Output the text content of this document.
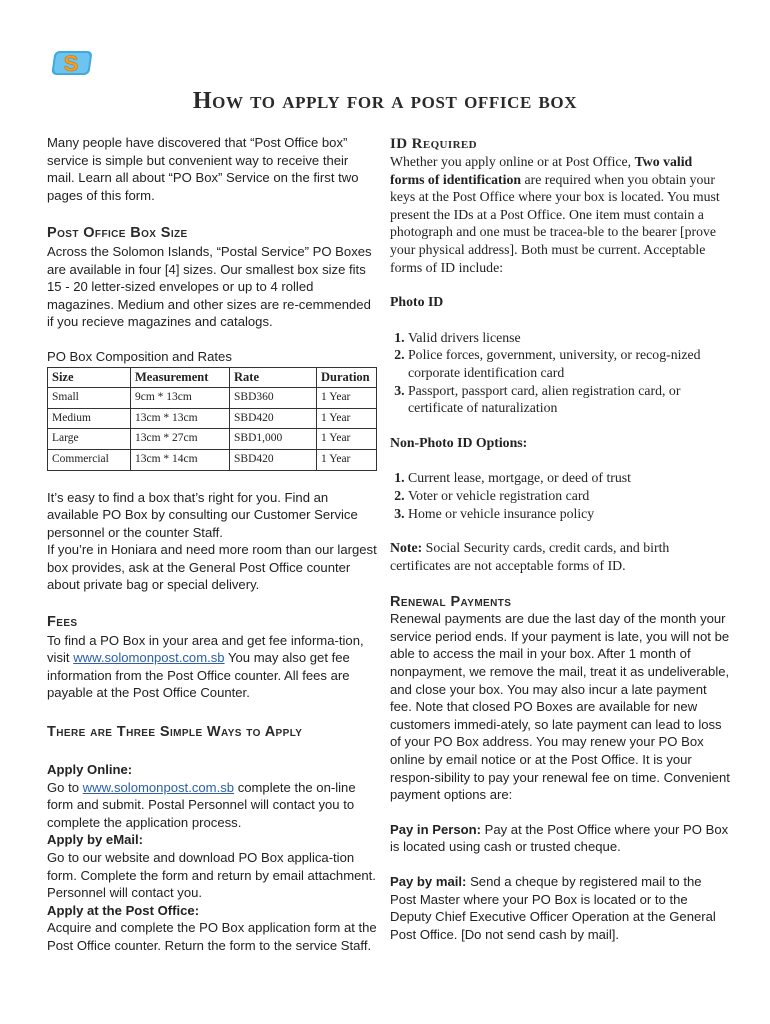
S
How to apply for a post office box

Many people have discovered that “Post Office box” service is simple but convenient way to receive their mail. Learn all about “PO Box” Service on the first two pages of this form.

Post Office Box Size

Across the Solomon Islands, “Postal Service” PO Boxes are available in four [4] sizes. Our smallest box size fits 15 - 20 letter-sized envelopes or up to 4 rolled magazines. Medium and other sizes are re-cemmended if you recieve magazines and catalogs.

PO Box Composition and Rates

Size	Measurement	Rate	Duration
Small	9cm * 13cm	SBD360	1 Year
Medium	13cm * 13cm	SBD420	1 Year
Large	13cm * 27cm	SBD1,000	1 Year
Commercial	13cm * 14cm	SBD420	1 Year

It’s easy to find a box that’s right for you. Find an available PO Box by consulting our Customer Service personnel or the counter Staff.

If you’re in Honiara and need more room than our largest box provides, ask at the General Post Office counter about private bag or special delivery.

Fees

To find a PO Box in your area and get fee informa-tion, visit www.solomonpost.com.sb You may also get fee information from the Post Office counter. All fees are payable at the Post Office Counter.

There are Three Simple Ways to Apply

Apply Online:
Go to www.solomonpost.com.sb complete the on-line form and submit. Postal Personnel will contact you to complete the application process.

Apply by eMail:
Go to our website and download PO Box applica-tion form. Complete the form and return by email attachment. Personnel will contact you.

Apply at the Post Office:
Acquire and complete the PO Box application form at the Post Office counter. Return the form to the service Staff.

ID Required

Whether you apply online or at Post Office, Two valid forms of identification are required when you obtain your keys at the Post Office where your box is located. You must present the IDs at a Post Office. One item must contain a photograph and one must be tracea-ble to the bearer [prove your physical address]. Both must be current. Acceptable forms of ID include:

Photo ID

1. Valid drivers license
2. Police forces, government, university, or recog-nized corporate identification card
3. Passport, passport card, alien registration card, or certificate of naturalization

Non-Photo ID Options:

1. Current lease, mortgage, or deed of trust
2. Voter or vehicle registration card
3. Home or vehicle insurance policy

Note: Social Security cards, credit cards, and birth certificates are not acceptable forms of ID.

Renewal Payments

Renewal payments are due the last day of the month your service period ends. If your payment is late, you will not be able to access the mail in your box. After 1 month of nonpayment, we remove the mail, treat it as undeliverable, and close your box. You may also incur a late payment fee. Note that closed PO Boxes are available for new customers immedi-ately, so late payment can lead to loss of your PO Box address. You may renew your PO Box online by email notice or at the Post Office. It is your respon-sibility to pay your renewal fee on time. Convenient payment options are:

Pay in Person: Pay at the Post Office where your PO Box is located using cash or trusted cheque.

Pay by mail: Send a cheque by registered mail to the Post Master where your PO Box is located or to the Deputy Chief Executive Officer Operation at the General Post Office. [Do not send cash by mail].
